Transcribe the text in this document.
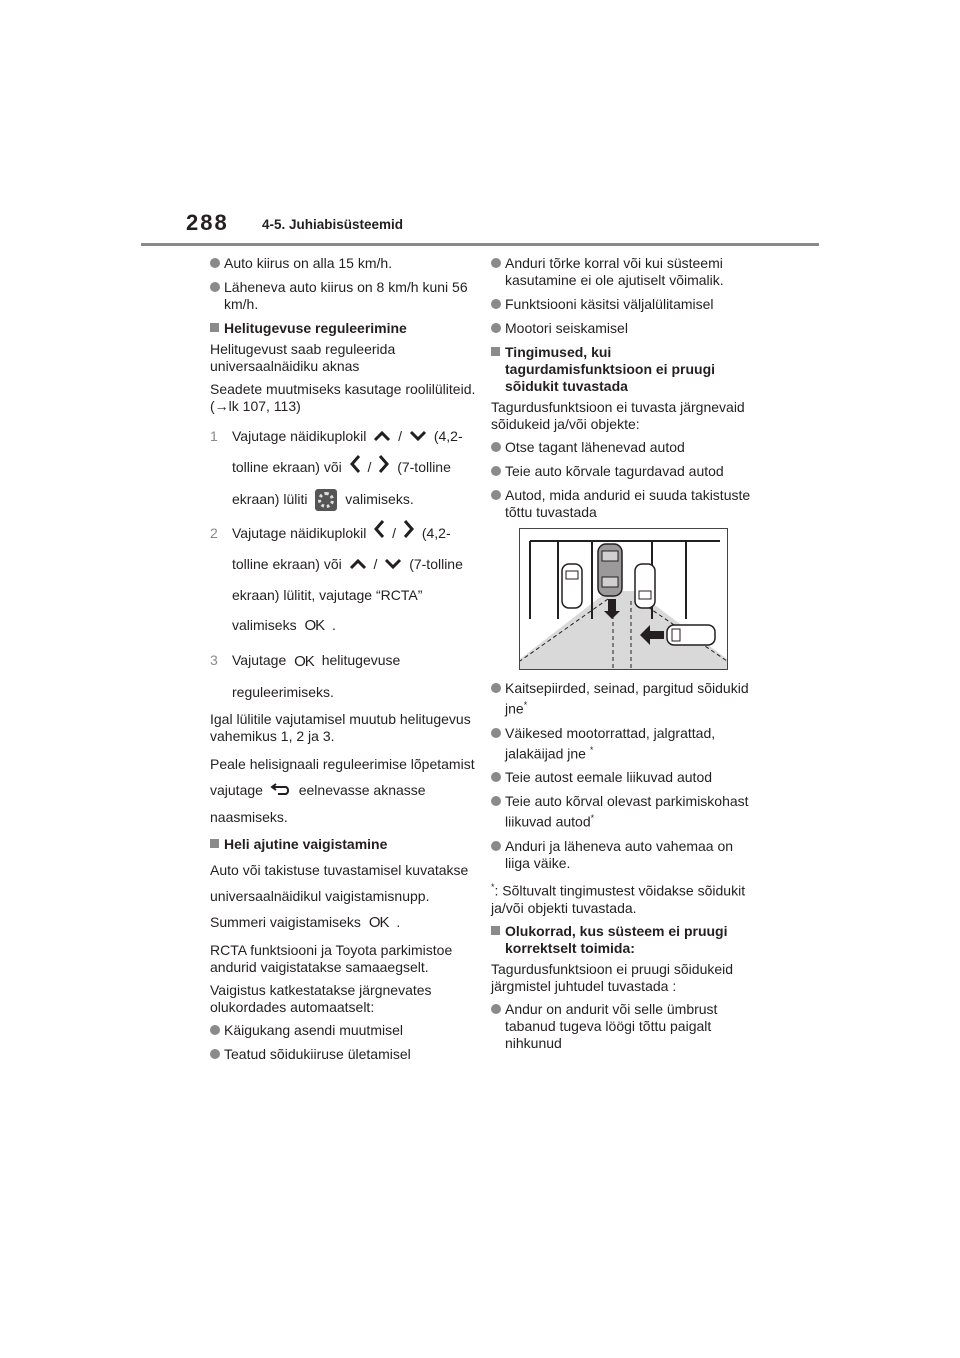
288 4-5. Juhiabisüsteemid
Auto kiirus on alla 15 km/h.
Läheneva auto kiirus on 8 km/h kuni 56 km/h.
Helitugevuse reguleerimine
Helitugevust saab reguleerida universaalnäidiku aknas
Seadete muutmiseks kasutage roolilüliteid. (→lk 107, 113)
1 Vajutage näidikuplokil / (4,2-tolline ekraan) või / (7-tolline ekraan) lüliti	valimiseks.
2 Vajutage näidikuplokil / (4,2-tolline ekraan) või / (7-tolline ekraan) lülitit, vajutage “RCTA” valimiseks OK .
3 Vajutage OK helitugevuse reguleerimiseks.
Igal lülitile vajutamisel muutub helitugevus vahemikus 1, 2 ja 3.
Peale helisignaali reguleerimise lõpetamist vajutage	eelnevasse aknasse naasmiseks.
Heli ajutine vaigistamine
Auto või takistuse tuvastamisel kuvatakse universaalnäidikul vaigistamisnupp. Summeri vaigistamiseks OK .
RCTA funktsiooni ja Toyota parkimistoe andurid vaigistatakse samaaegselt.
Vaigistus katkestatakse järgnevates olukordades automaatselt:
Käigukang asendi muutmisel
Teatud sõidukiiruse ületamisel
Anduri tõrke korral või kui süsteemi kasutamine ei ole ajutiselt võimalik.
Funktsiooni käsitsi väljalülitamisel
Mootori seiskamisel
Tingimused, kui tagurdamisfunktsioon ei pruugi sõidukit tuvastada
Tagurdusfunktsioon ei tuvasta järgnevaid sõidukeid ja/või objekte:
Otse tagant lähenevad autod
Teie auto kõrvale tagurdavad autod
Autod, mida andurid ei suuda takistuste tõttu tuvastada
Kaitsepiirded, seinad, pargitud sõidukid jne*
Väikesed mootorrattad, jalgrattad, jalakäijad jne *
Teie autost eemale liikuvad autod
Teie auto kõrval olevast parkimiskohast liikuvad autod*
Anduri ja läheneva auto vahemaa on liiga väike.
*: Sõltuvalt tingimustest võidakse sõidukit ja/või objekti tuvastada.
Olukorrad, kus süsteem ei pruugi korrektselt toimida:
Tagurdusfunktsioon ei pruugi sõidukeid järgmistel juhtudel tuvastada :
Andur on andurit või selle ümbrust tabanud tugeva löögi tõttu paigalt nihkunud
